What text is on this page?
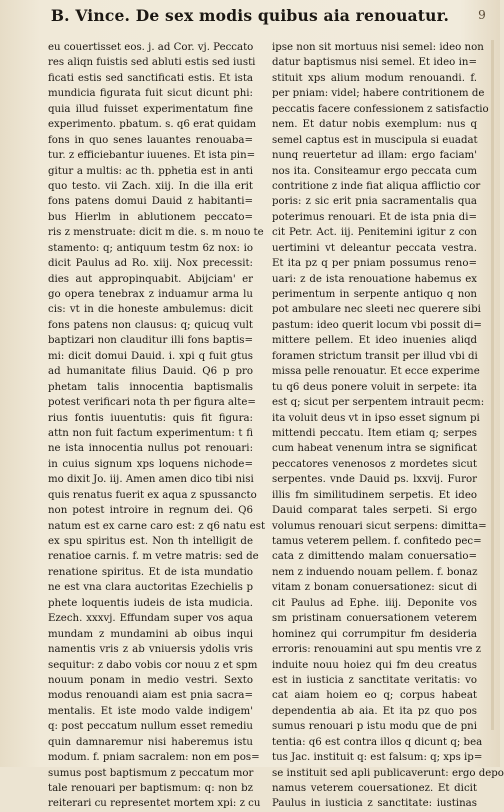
B. Vince. De sex modis quibus aia renouatur. 9
eu couertisset eos. j. ad Cor. vj. Peccato
res aliqn fuistis sed abluti estis sed iusti
ficati estis sed sanctificati estis. Et ista
mundicia figurata fuit sicut dicunt phi:
quia illud fuisset experimentatum fine
experimento. pbatum. s. q6 erat quidam
fons in quo senes lauantes renouaba=
tur. z efficiebantur iuuenes. Et ista pin=
gitur a multis: ac th. pphetia est in anti
quo testo. vii Zach. xiij. In die illa erit
fons patens domui Dauid z habitanti=
bus Hierlm in ablutionem peccato=
ris z menstruate: dicit m die. s. m nouo te
stamento: q; antiquum testm 6z nox: io
dicit Paulus ad Ro. xiij. Nox precessit:
dies aut appropinquabit. Abijciam' er
go opera tenebrax z induamur arma lu
cis: vt in die honeste ambulemus: dicit
fons patens non clausus: q; quicuq vult
baptizari non clauditur illi fons baptis=
mi: dicit domui Dauid. i. xpi q fuit gtus
ad humanitate filius Dauid. Q6 p pro
phetam talis innocentia baptismalis
potest verificari nota th per figura alte=
rius fontis iuuentutis: quis fit figura:
attn non fuit factum experimentum: t fi
ne ista innocentia nullus pot renouari:
in cuius signum xps loquens nichode=
mo dixit Jo. iij. Amen amen dico tibi nisi
quis renatus fuerit ex aqua z spussancto
non potest introire in regnum dei. Q6
natum est ex carne caro est: z q6 natu est
ex spu spiritus est. Non th intelligit de
renatioe carnis. f. m vetre matris: sed de
renatione spiritus. Et de ista mundatio
ne est vna clara auctoritas Ezechielis p
phete loquentis iudeis de ista mudicia.
Ezech. xxxvj. Effundam super vos aqua
mundam z mundamini ab oibus inqui
namentis vris z ab vniuersis ydolis vris
sequitur: z dabo vobis cor nouu z et spm
nouum ponam in medio vestri. Sexto
modus renouandi aiam est pnia sacra=
mentalis. Et iste modo valde indigem'
q: post peccatum nullum esset remediu
quin damnaremur nisi haberemus istu
modum. f. pniam sacralem: non em pos=
sumus post baptismum z peccatum mor
tale renouari per baptismum: q: non bz
reiterari cu representet mortem xpi: z cu
ipse non sit mortuus nisi semel: ideo non
datur baptismus nisi semel. Et ideo in=
stituit xps alium modum renouandi. f.
per pniam: videl; habere contritionem de
peccatis facere confessionem z satisfactio
nem. Et datur nobis exemplum: nus q
semel captus est in muscipula si euadat
nunq reuertetur ad illam: ergo faciam'
nos ita. Consiteamur ergo peccata cum
contritione z inde fiat aliqua afflictio cor
poris: z sic erit pnia sacramentalis qua
poterimus renouari. Et de ista pnia di=
cit Petr. Act. iij. Penitemini igitur z con
uertimini vt deleantur peccata vestra.
Et ita pz q per pniam possumus reno=
uari: z de ista renouatione habemus ex
perimentum in serpente antiquo q non
pot ambulare nec sleeti nec querere sibi
pastum: ideo querit locum vbi possit di=
mittere pellem. Et ideo inuenies aliqd
foramen strictum transit per illud vbi di
missa pelle renouatur. Et ecce experime
tu q6 deus ponere voluit in serpete: ita
est q; sicut per serpentem intrauit pecm:
ita voluit deus vt in ipso esset signum pi
mittendi peccatu. Item etiam q; serpes
cum habeat venenum intra se significat
peccatores venenosos z mordetes sicut
serpentes. vnde Dauid ps. lxxvij. Furor
illis fm similitudinem serpetis. Et ideo
Dauid comparat tales serpeti. Si ergo
volumus renouari sicut serpens: dimitta=
tamus veterem pellem. f. confitedo pec=
cata z dimittendo malam conuersatio=
nem z induendo nouam pellem. f. bonaz
vitam z bonam conuersationez: sicut di
cit Paulus ad Ephe. iiij. Deponite vos
sm pristinam conuersationem veterem
hominez qui corrumpitur fm desideria
erroris: renouamini aut spu mentis vre z
induite nouu hoiez qui fm deu creatus
est in iusticia z sanctitate veritatis: vo
cat aiam hoiem eo q; corpus habeat
dependentia ab aia. Et ita pz quo pos
sumus renouari p istu modu que de pni
tentia: q6 est contra illos q dicunt q; bea
tus Jac. instituit q: est falsum: q; xps ip=
se instituit sed apli publicaverunt: ergo depo
namus veterem couersationez. Et dicit
Paulus in iusticia z sanctitate: iustinas
